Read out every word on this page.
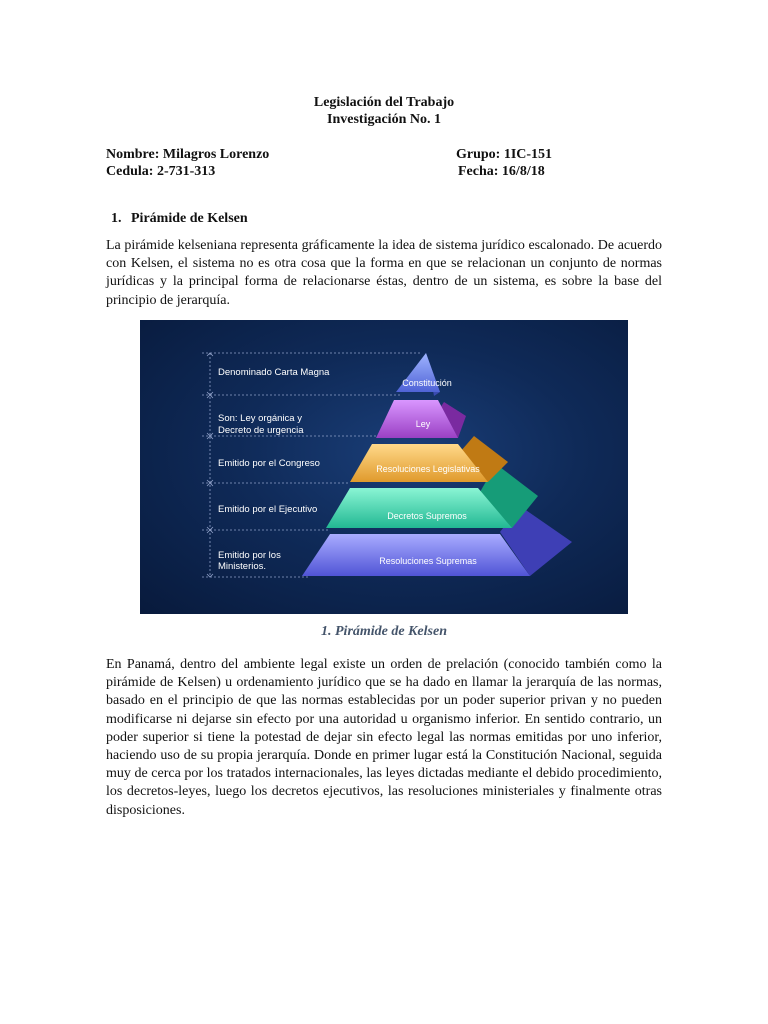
Legislación del Trabajo
Investigación No. 1
Nombre: Milagros Lorenzo
Cedula: 2-731-313
Grupo: 1IC-151
Fecha: 16/8/18
1. Pirámide de Kelsen
La pirámide kelseniana representa gráficamente la idea de sistema jurídico escalonado. De acuerdo con Kelsen, el sistema no es otra cosa que la forma en que se relacionan un conjunto de normas jurídicas y la principal forma de relacionarse éstas, dentro de un sistema, es sobre la base del principio de jerarquía.
Denominado Carta Magna
Son: Ley orgánica y
Decreto de urgencia
Emitido por el Congreso
Emitido por el Ejecutivo
Emitido por los
Ministerios.
Constitución
Ley
Resoluciones Legislativas
Decretos Supremos
Resoluciones Supremas
1. Pirámide de Kelsen
En Panamá, dentro del ambiente legal existe un orden de prelación (conocido también como la pirámide de Kelsen) u ordenamiento jurídico que se ha dado en llamar la jerarquía de las normas, basado en el principio de que las normas establecidas por un poder superior privan y no pueden modificarse ni dejarse sin efecto por una autoridad u organismo inferior. En sentido contrario, un poder superior si tiene la potestad de dejar sin efecto legal las normas emitidas por uno inferior, haciendo uso de su propia jerarquía. Donde en primer lugar está la Constitución Nacional, seguida muy de cerca por los tratados internacionales, las leyes dictadas mediante el debido procedimiento, los decretos-leyes, luego los decretos ejecutivos, las resoluciones ministeriales y finalmente otras disposiciones.
